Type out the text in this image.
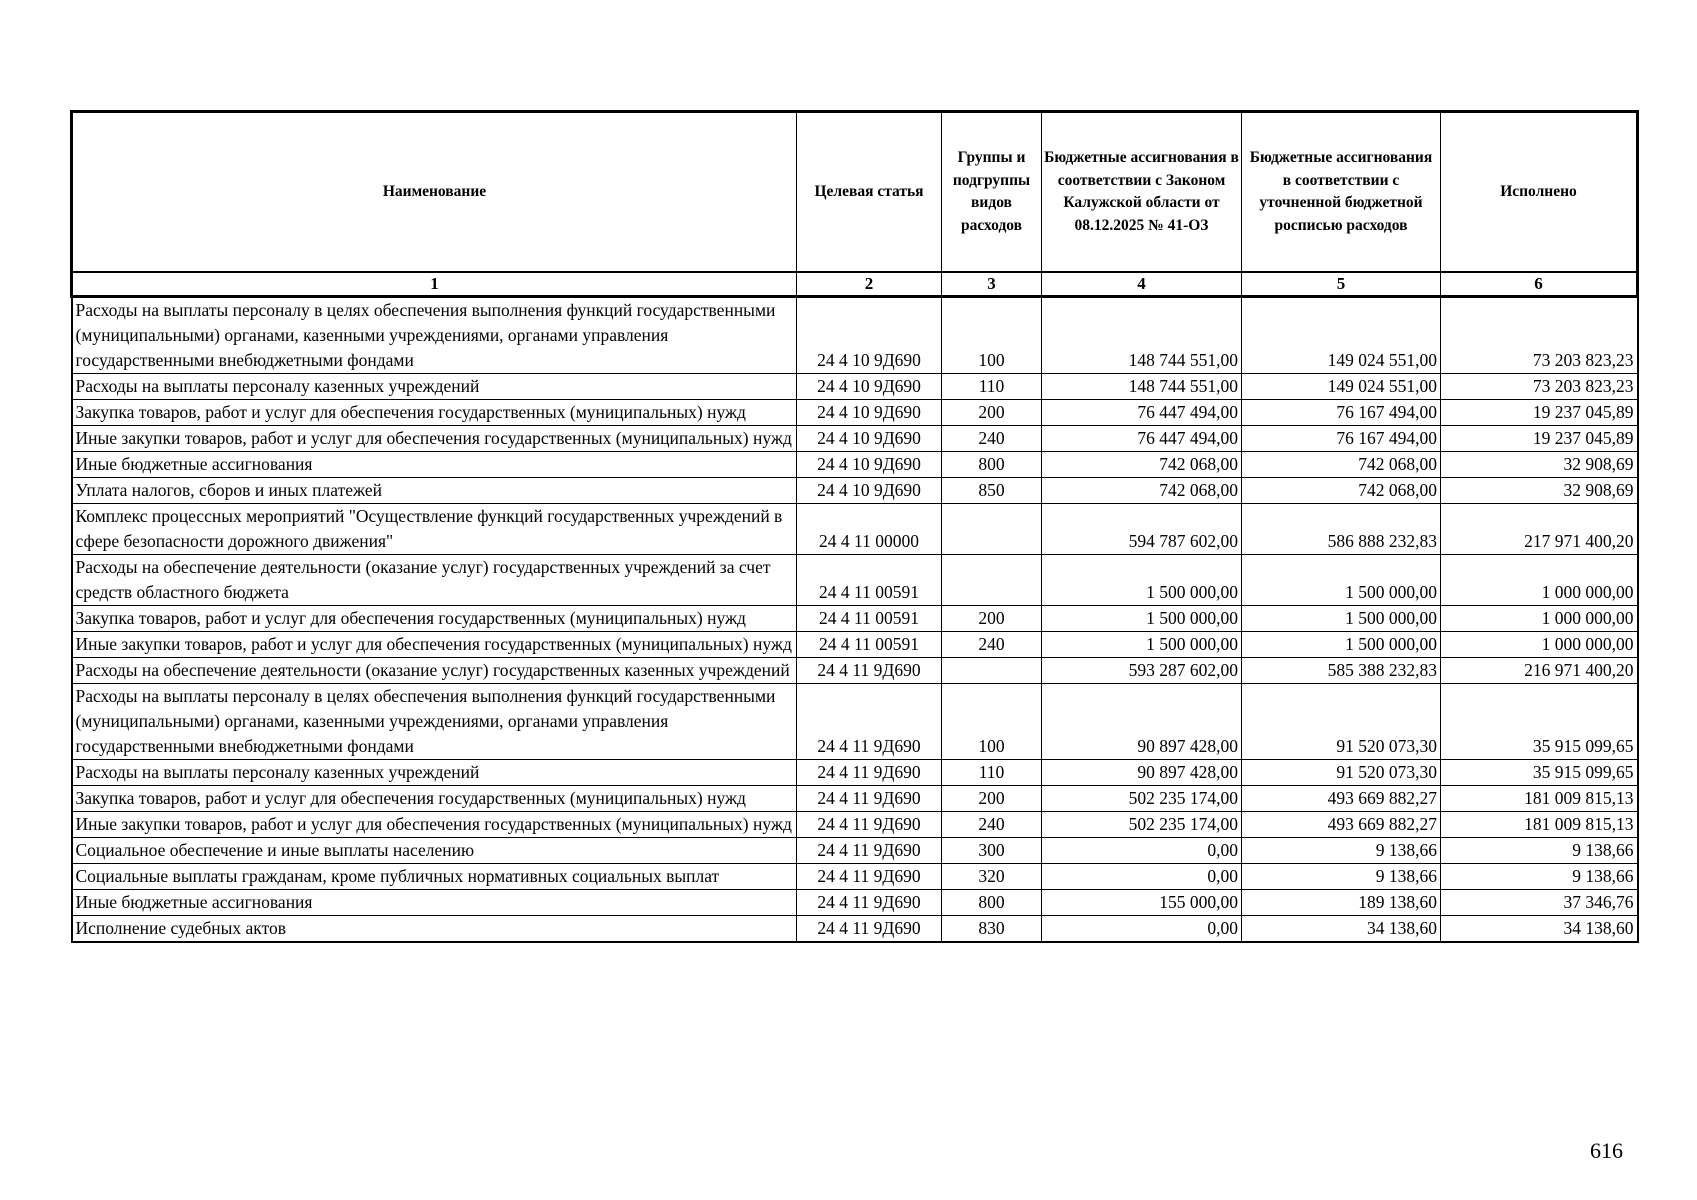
Наименование	Целевая статья	Группы и подгруппы видов расходов	Бюджетные ассигнования в соответствии с Законом Калужской области от 08.12.2025 № 41-ОЗ	Бюджетные ассигнования в соответствии с уточненной бюджетной росписью расходов	Исполнено
1	2	3	4	5	6
Расходы на выплаты персоналу в целях обеспечения выполнения функций государственными (муниципальными) органами, казенными учреждениями, органами управления государственными внебюджетными фондами	24 4 10 9Д690	100	148 744 551,00	149 024 551,00	73 203 823,23
Расходы на выплаты персоналу казенных учреждений	24 4 10 9Д690	110	148 744 551,00	149 024 551,00	73 203 823,23
Закупка товаров, работ и услуг для обеспечения государственных (муниципальных) нужд	24 4 10 9Д690	200	76 447 494,00	76 167 494,00	19 237 045,89
Иные закупки товаров, работ и услуг для обеспечения государственных (муниципальных) нужд	24 4 10 9Д690	240	76 447 494,00	76 167 494,00	19 237 045,89
Иные бюджетные ассигнования	24 4 10 9Д690	800	742 068,00	742 068,00	32 908,69
Уплата налогов, сборов и иных платежей	24 4 10 9Д690	850	742 068,00	742 068,00	32 908,69
Комплекс процессных мероприятий "Осуществление функций государственных учреждений в сфере безопасности дорожного движения"	24 4 11 00000		594 787 602,00	586 888 232,83	217 971 400,20
Расходы на обеспечение деятельности (оказание услуг) государственных учреждений за счет средств областного бюджета	24 4 11 00591		1 500 000,00	1 500 000,00	1 000 000,00
Закупка товаров, работ и услуг для обеспечения государственных (муниципальных) нужд	24 4 11 00591	200	1 500 000,00	1 500 000,00	1 000 000,00
Иные закупки товаров, работ и услуг для обеспечения государственных (муниципальных) нужд	24 4 11 00591	240	1 500 000,00	1 500 000,00	1 000 000,00
Расходы на обеспечение деятельности (оказание услуг) государственных казенных учреждений	24 4 11 9Д690		593 287 602,00	585 388 232,83	216 971 400,20
Расходы на выплаты персоналу в целях обеспечения выполнения функций государственными (муниципальными) органами, казенными учреждениями, органами управления государственными внебюджетными фондами	24 4 11 9Д690	100	90 897 428,00	91 520 073,30	35 915 099,65
Расходы на выплаты персоналу казенных учреждений	24 4 11 9Д690	110	90 897 428,00	91 520 073,30	35 915 099,65
Закупка товаров, работ и услуг для обеспечения государственных (муниципальных) нужд	24 4 11 9Д690	200	502 235 174,00	493 669 882,27	181 009 815,13
Иные закупки товаров, работ и услуг для обеспечения государственных (муниципальных) нужд	24 4 11 9Д690	240	502 235 174,00	493 669 882,27	181 009 815,13
Социальное обеспечение и иные выплаты населению	24 4 11 9Д690	300	0,00	9 138,66	9 138,66
Социальные выплаты гражданам, кроме публичных нормативных социальных выплат	24 4 11 9Д690	320	0,00	9 138,66	9 138,66
Иные бюджетные ассигнования	24 4 11 9Д690	800	155 000,00	189 138,60	37 346,76
Исполнение судебных актов	24 4 11 9Д690	830	0,00	34 138,60	34 138,60
616
